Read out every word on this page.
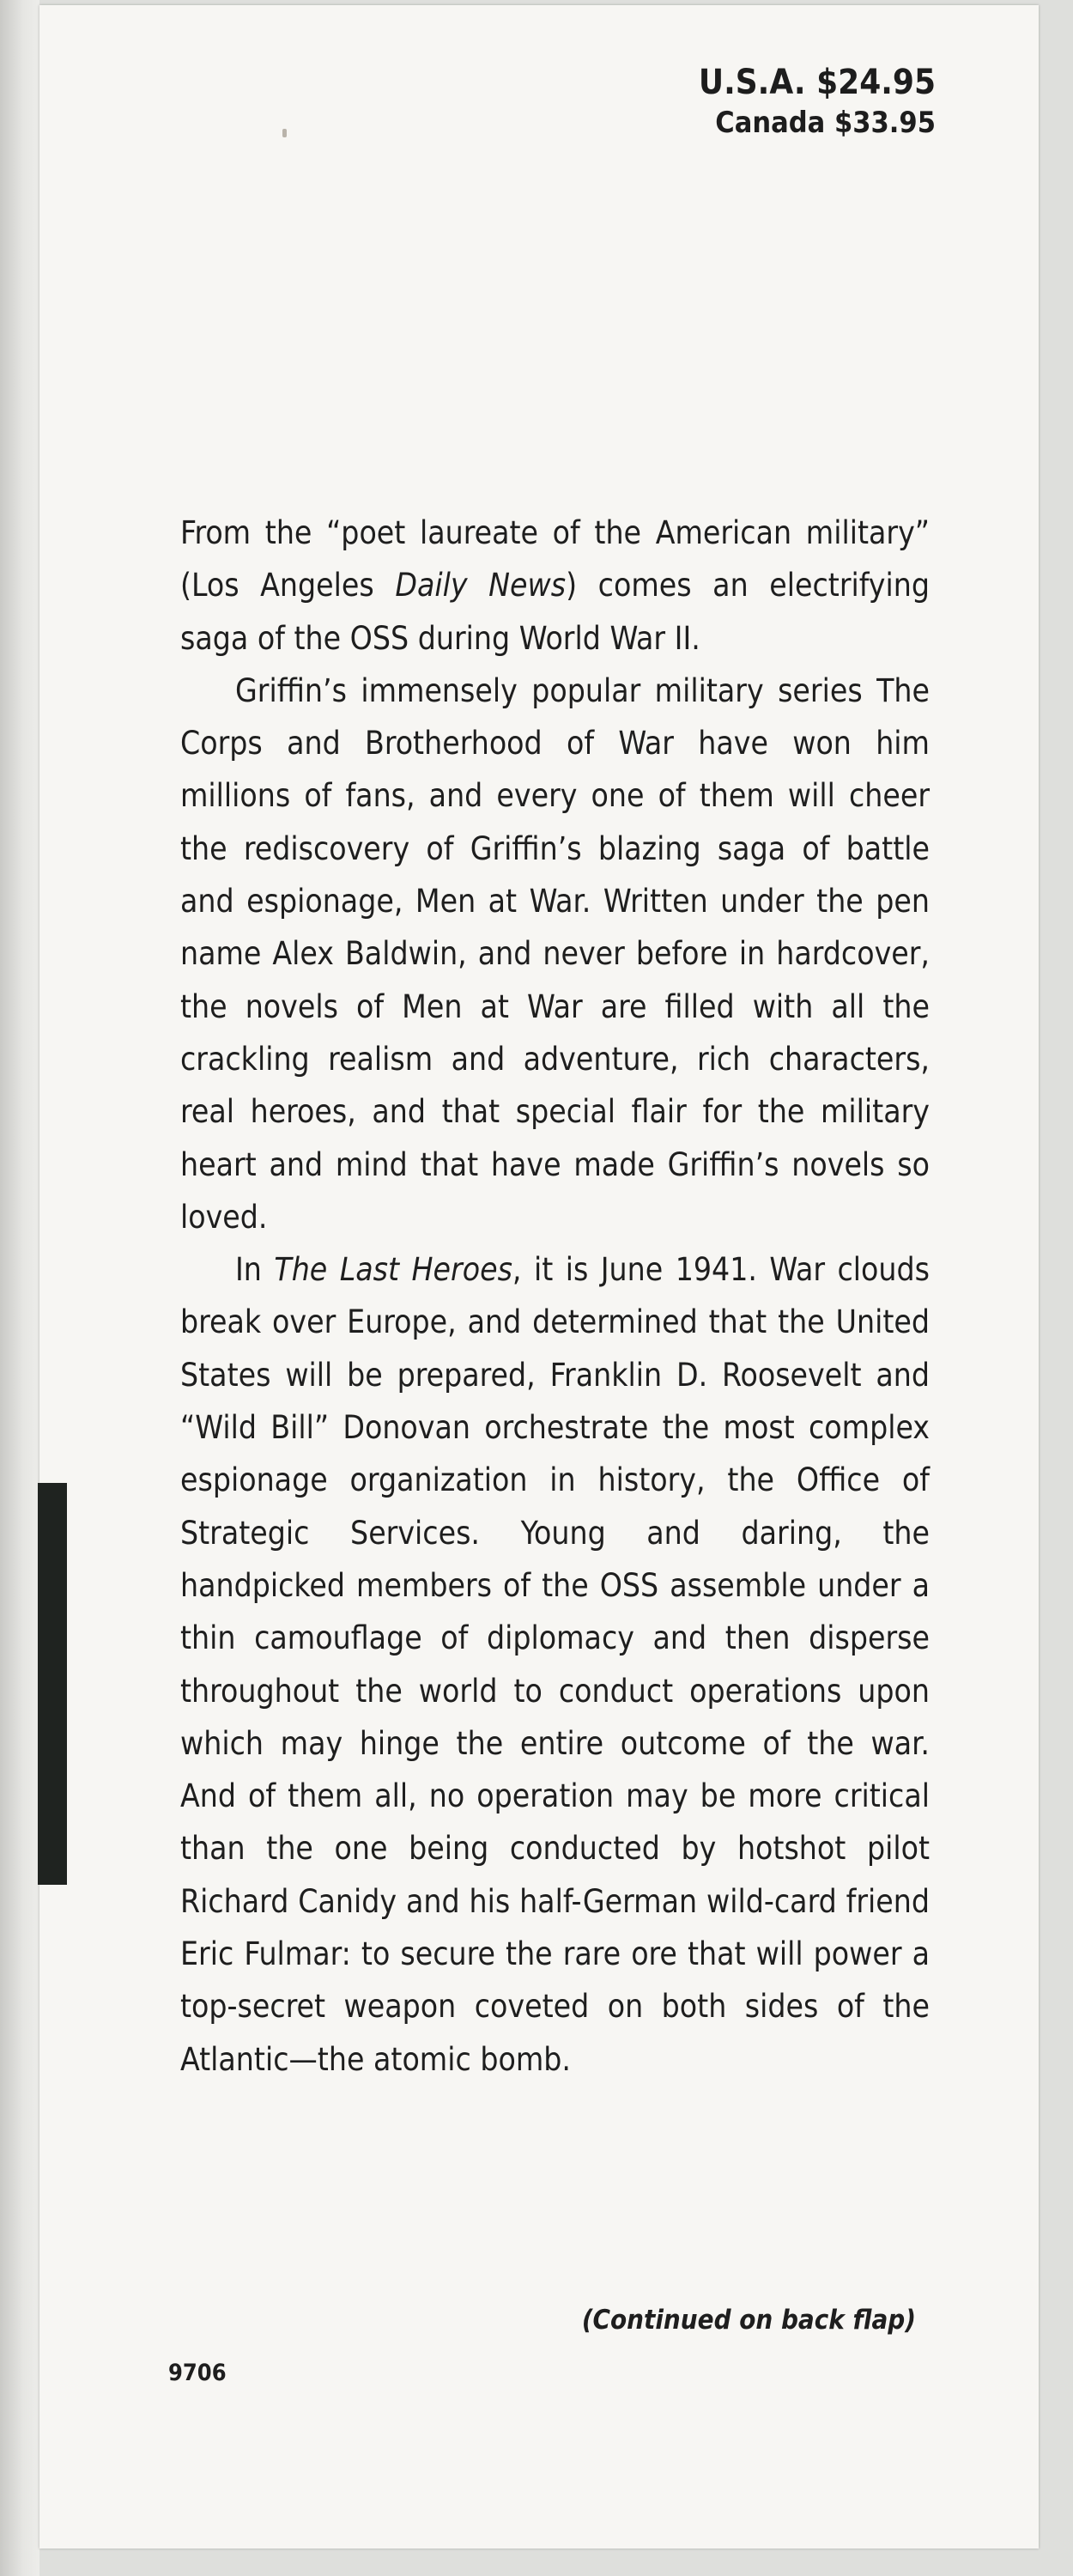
U.S.A. $24.95
Canada $33.95

From the “poet laureate of the American military” (Los Angeles Daily News) comes an electrifying saga of the OSS during World War II.

Griffin’s immensely popular military series The Corps and Brotherhood of War have won him millions of fans, and every one of them will cheer the rediscovery of Griffin’s blazing saga of battle and espionage, Men at War. Written under the pen name Alex Baldwin, and never before in hardcover, the novels of Men at War are filled with all the crackling realism and adventure, rich characters, real heroes, and that special flair for the military heart and mind that have made Griffin’s novels so loved.

In The Last Heroes, it is June 1941. War clouds break over Europe, and determined that the United States will be prepared, Franklin D. Roosevelt and “Wild Bill” Donovan orchestrate the most complex espionage organization in history, the Office of Strategic Services. Young and daring, the handpicked members of the OSS assemble under a thin camouflage of diplomacy and then disperse throughout the world to conduct operations upon which may hinge the entire outcome of the war. And of them all, no operation may be more critical than the one being conducted by hotshot pilot Richard Canidy and his half-German wild-card friend Eric Fulmar: to secure the rare ore that will power a top-secret weapon coveted on both sides of the Atlantic—the atomic bomb.

(Continued on back flap)
9706
